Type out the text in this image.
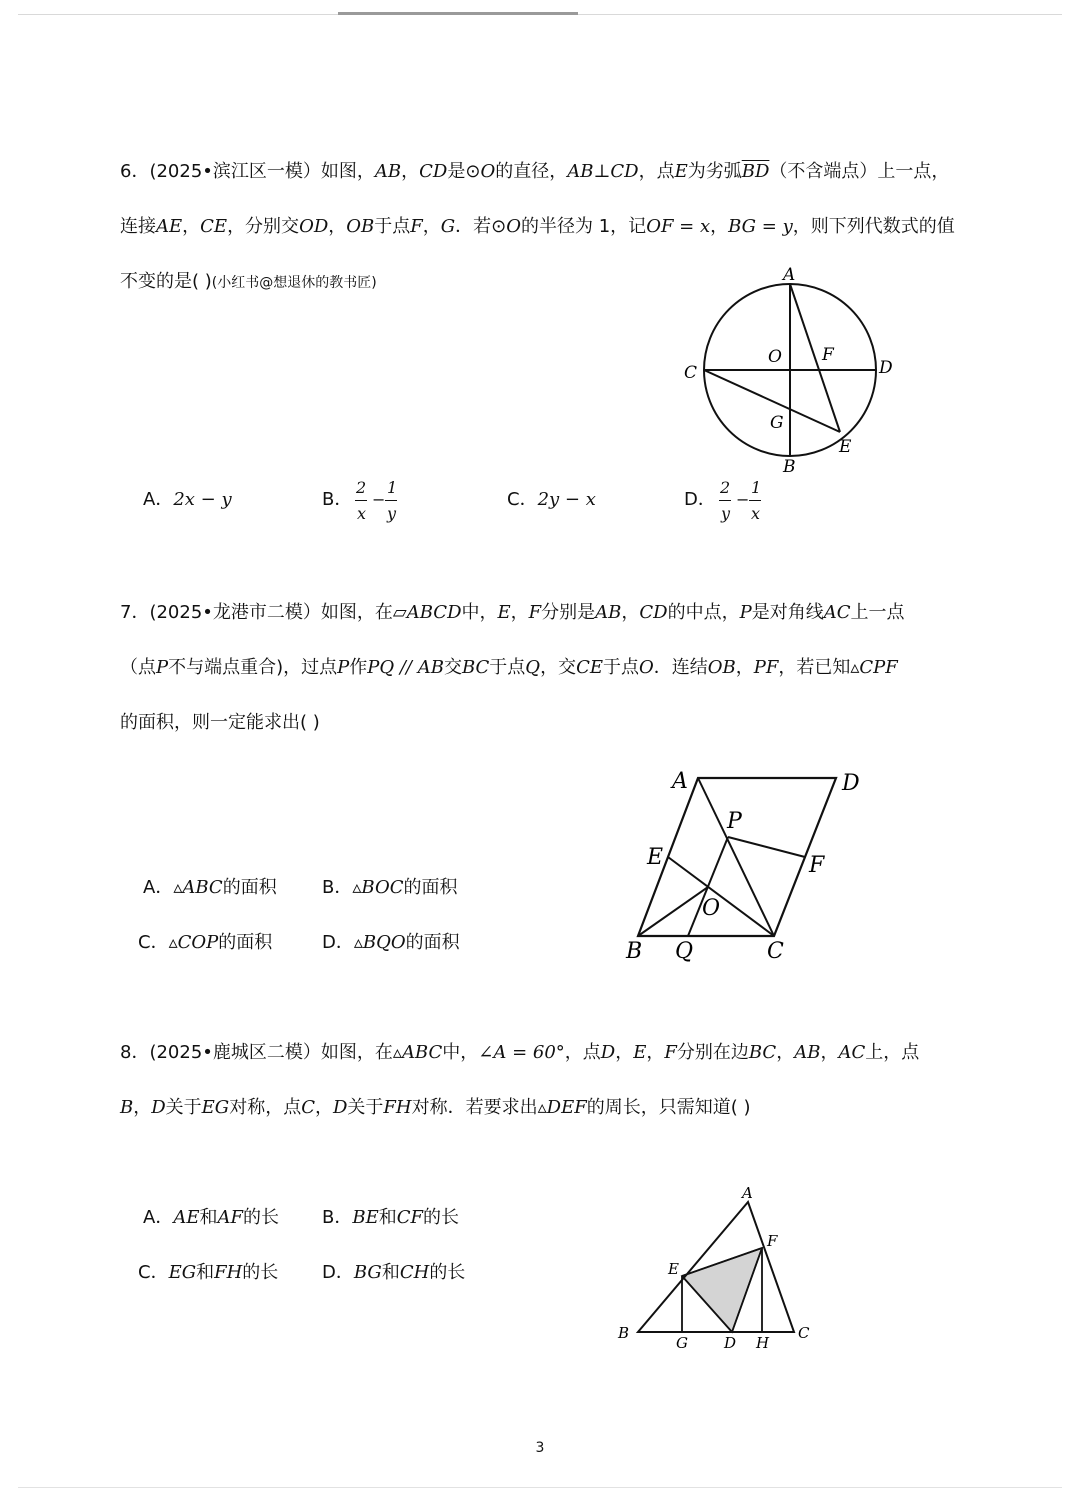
6．(2025•滨江区一模）如图，AB，CD是⊙O的直径，AB⊥CD，点E为劣弧$\overline{BD}$（不含端点）上一点，
连接AE，CE，分别交OD，OB于点F，G．若⊙O的半径为 1，记OF = x，BG = y，则下列代数式的值
不变的是( )(小红书@想退休的教书匠)	A
B
C	D
O F
G
E
A．2x − y	B．
2
x
−
1
y
C．2y − x	D．
2
y
−
1
x
7．(2025•龙港市二模）如图，在▱ABCD中，E，F分别是AB，CD的中点，P是对角线AC上一点
（点P不与端点重合)，过点P作PQ // AB交BC于点Q，交CE于点O．连结OB，PF，若已知▵CPF
的面积，则一定能求出( )
A	D
P
E	F
O
B Q	C
A．▵ABC的面积	B．▵BOC的面积
C．▵COP的面积	D．▵BQO的面积
8．(2025•鹿城区二模）如图，在▵ABC中，∠A = 60°，点D，E，F分别在边BC，AB，AC上，点
B，D关于EG对称，点C，D关于FH对称．若要求出▵DEF的周长，只需知道( )
A
F
E
B
G D H
C
A．AE和AF的长 B．BE和CF的长
C．EG和FH的长 D．BG和CH的长
3
